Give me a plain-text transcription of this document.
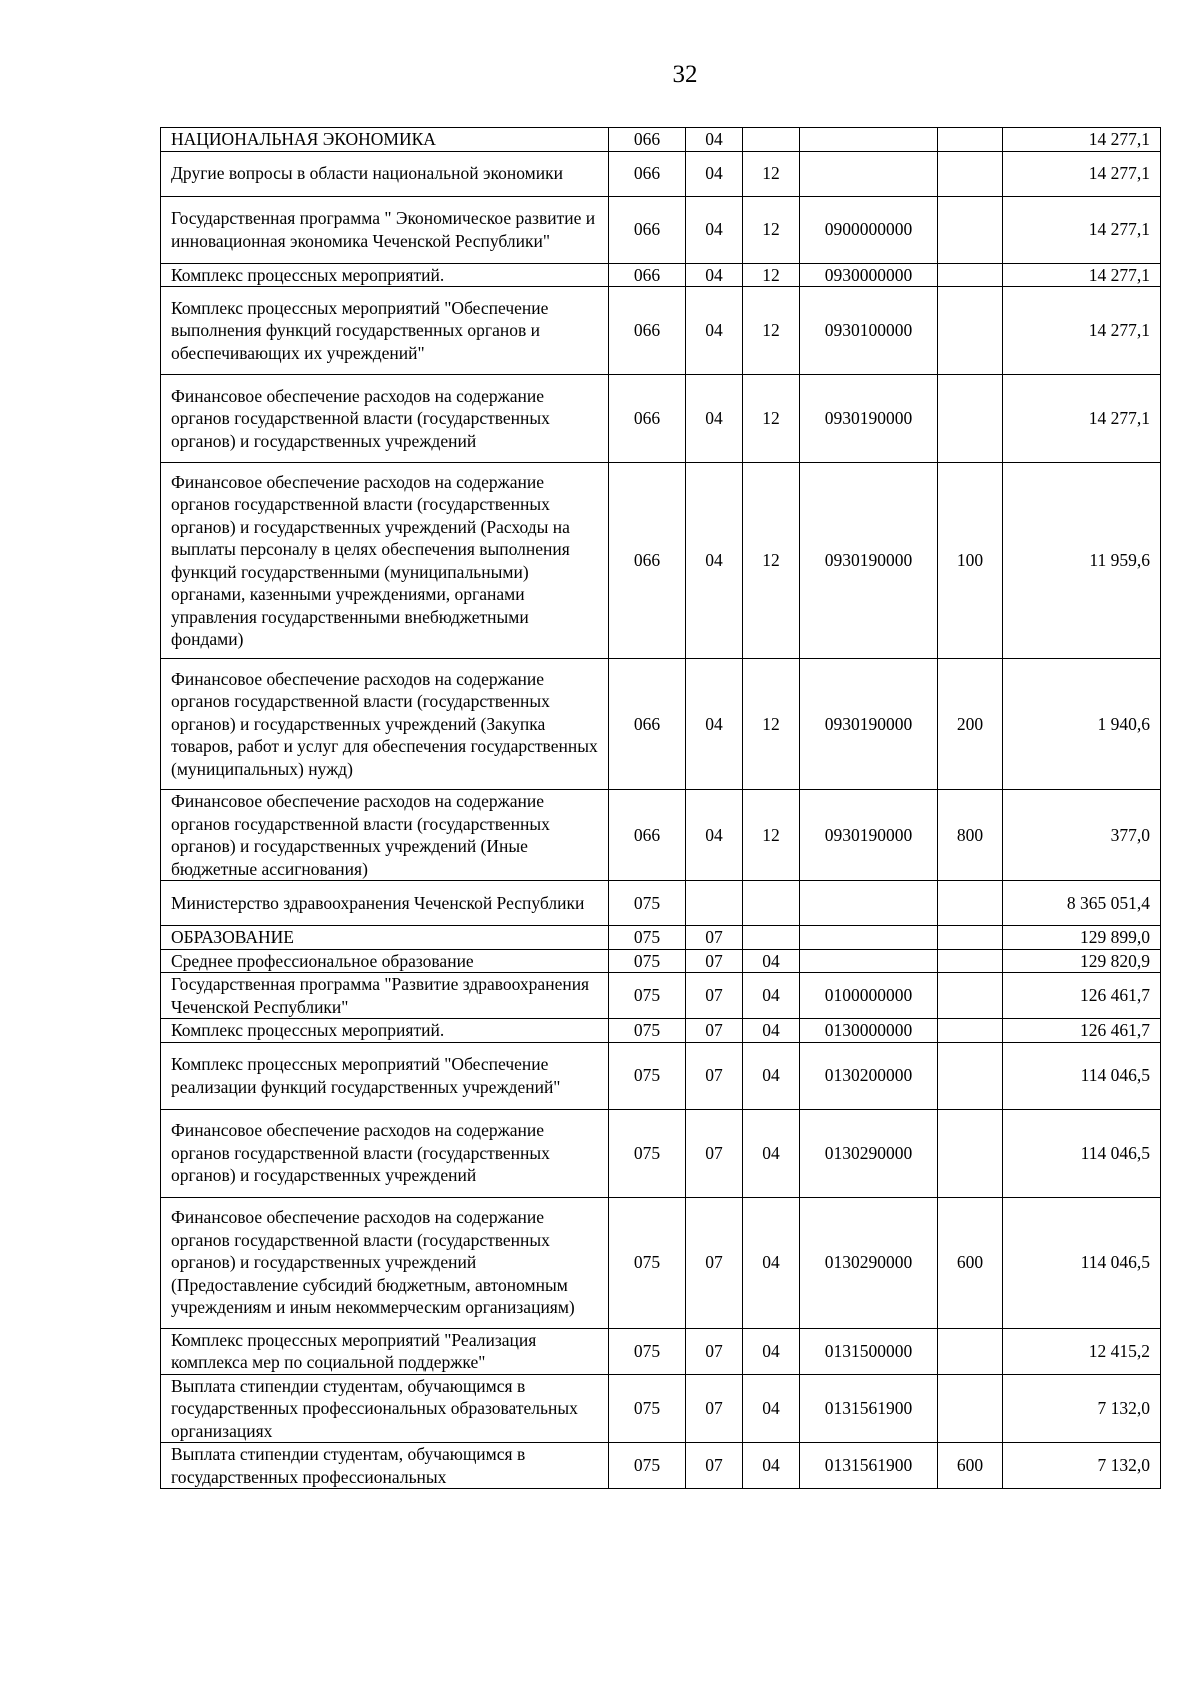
32
НАЦИОНАЛЬНАЯ ЭКОНОМИКА	066	04				14 277,1
Другие вопросы в области национальной экономики	066	04	12			14 277,1
Государственная программа " Экономическое развитие и инновационная экономика Чеченской Республики"	066	04	12	0900000000		14 277,1
Комплекс процессных мероприятий.	066	04	12	0930000000		14 277,1
Комплекс процессных мероприятий "Обеспечение выполнения функций государственных органов и обеспечивающих их учреждений"	066	04	12	0930100000		14 277,1
Финансовое обеспечение расходов на содержание органов государственной власти (государственных органов) и государственных учреждений	066	04	12	0930190000		14 277,1
Финансовое обеспечение расходов на содержание органов государственной власти (государственных органов) и государственных учреждений (Расходы на выплаты персоналу в целях обеспечения выполнения функций государственными (муниципальными) органами, казенными учреждениями, органами управления государственными внебюджетными фондами)	066	04	12	0930190000	100	11 959,6
Финансовое обеспечение расходов на содержание органов государственной власти (государственных органов) и государственных учреждений (Закупка товаров, работ и услуг для обеспечения государственных (муниципальных) нужд)	066	04	12	0930190000	200	1 940,6
Финансовое обеспечение расходов на содержание органов государственной власти (государственных органов) и государственных учреждений (Иные бюджетные ассигнования)	066	04	12	0930190000	800	377,0
Министерство здравоохранения Чеченской Республики	075					8 365 051,4
ОБРАЗОВАНИЕ	075	07				129 899,0
Среднее профессиональное образование	075	07	04			129 820,9
Государственная программа "Развитие здравоохранения Чеченской Республики"	075	07	04	0100000000		126 461,7
Комплекс процессных мероприятий.	075	07	04	0130000000		126 461,7
Комплекс процессных мероприятий "Обеспечение реализации функций государственных учреждений"	075	07	04	0130200000		114 046,5
Финансовое обеспечение расходов на содержание органов государственной власти (государственных органов) и государственных учреждений	075	07	04	0130290000		114 046,5
Финансовое обеспечение расходов на содержание органов государственной власти (государственных органов) и государственных учреждений (Предоставление субсидий бюджетным, автономным учреждениям и иным некоммерческим организациям)	075	07	04	0130290000	600	114 046,5
Комплекс процессных мероприятий "Реализация комплекса мер по социальной поддержке"	075	07	04	0131500000		12 415,2
Выплата стипендии студентам, обучающимся в государственных профессиональных образовательных организациях	075	07	04	0131561900		7 132,0
Выплата стипендии студентам, обучающимся в государственных профессиональных	075	07	04	0131561900	600	7 132,0
